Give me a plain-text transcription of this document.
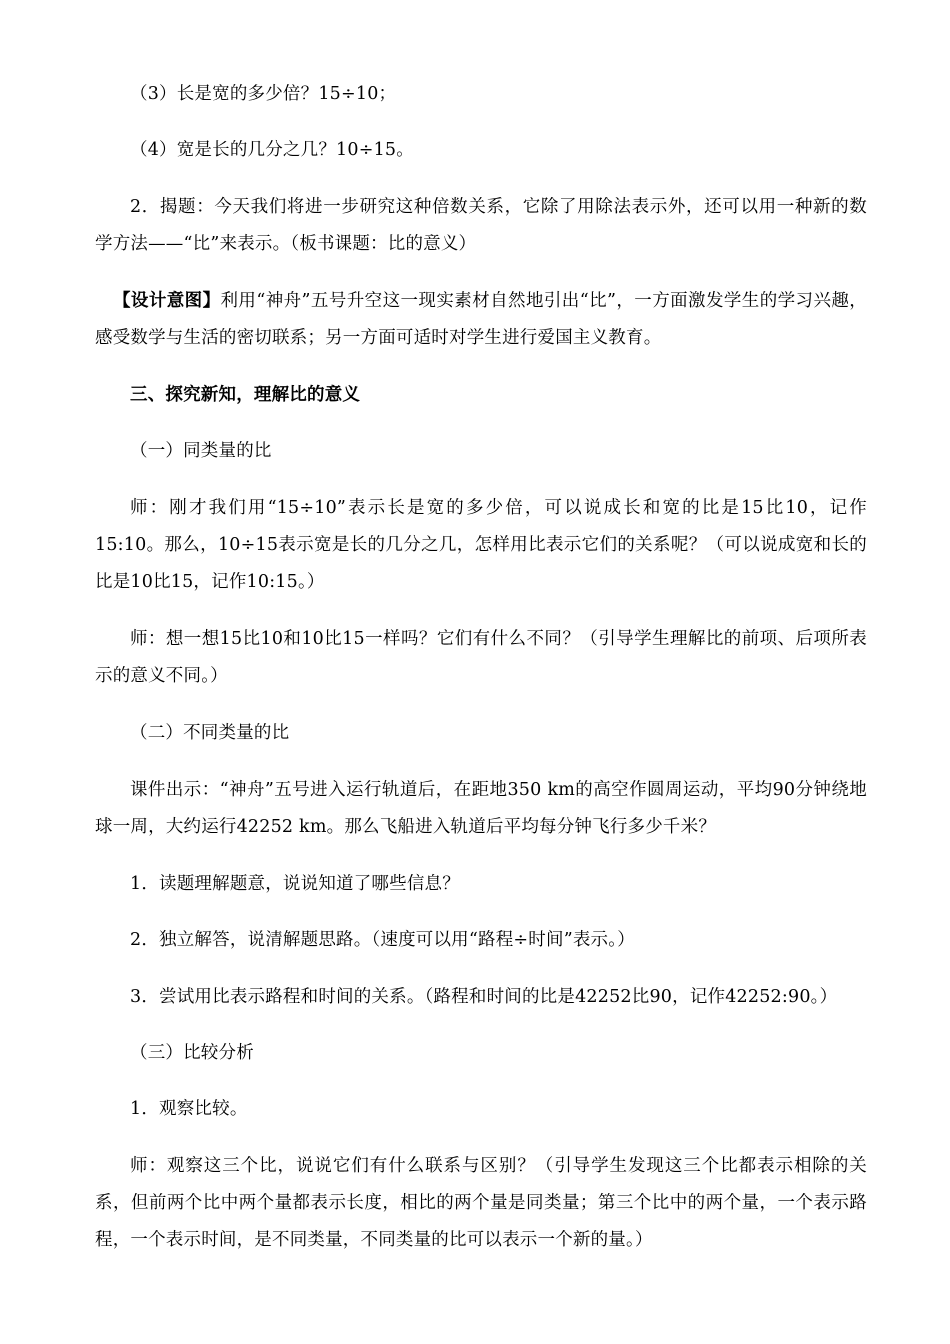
（3）长是宽的多少倍？15÷10；

（4）宽是长的几分之几？10÷15。

2．揭题：今天我们将进一步研究这种倍数关系，它除了用除法表示外，还可以用一种新的数学方法——“比”来表示。（板书课题：比的意义）

【设计意图】利用“神舟”五号升空这一现实素材自然地引出“比”，一方面激发学生的学习兴趣，感受数学与生活的密切联系；另一方面可适时对学生进行爱国主义教育。

三、探究新知，理解比的意义

（一）同类量的比

师：刚才我们用“15÷10”表示长是宽的多少倍，可以说成长和宽的比是15比10，记作15:10。那么，10÷15表示宽是长的几分之几，怎样用比表示它们的关系呢？（可以说成宽和长的比是10比15，记作10:15。）

师：想一想15比10和10比15一样吗？它们有什么不同？（引导学生理解比的前项、后项所表示的意义不同。）

（二）不同类量的比

课件出示：“神舟”五号进入运行轨道后，在距地350 km的高空作圆周运动，平均90分钟绕地球一周，大约运行42252 km。那么飞船进入轨道后平均每分钟飞行多少千米？

1．读题理解题意，说说知道了哪些信息？

2．独立解答，说清解题思路。（速度可以用“路程÷时间”表示。）

3．尝试用比表示路程和时间的关系。（路程和时间的比是42252比90，记作42252:90。）

（三）比较分析

1．观察比较。

师：观察这三个比，说说它们有什么联系与区别？（引导学生发现这三个比都表示相除的关系，但前两个比中两个量都表示长度，相比的两个量是同类量；第三个比中的两个量，一个表示路程，一个表示时间，是不同类量，不同类量的比可以表示一个新的量。）
